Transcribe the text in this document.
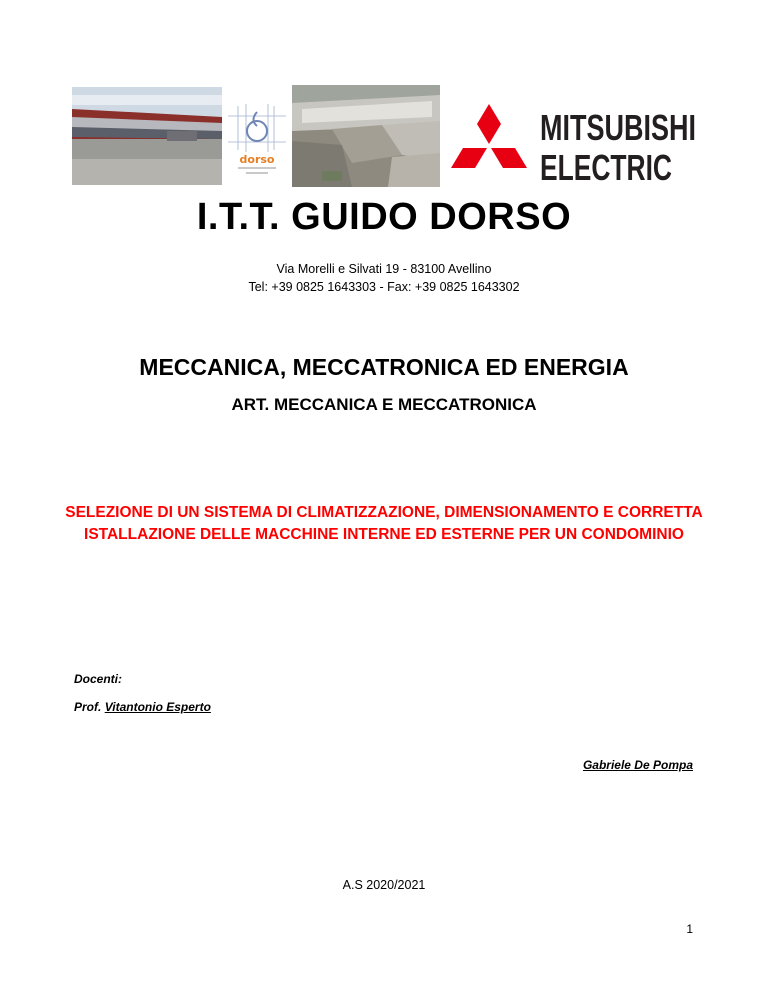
dorso
MITSUBISHI
ELECTRIC
I.T.T. GUIDO DORSO
Via Morelli e Silvati 19 - 83100 Avellino
Tel: +39 0825 1643303 - Fax: +39 0825 1643302
MECCANICA, MECCATRONICA ED ENERGIA
ART. MECCANICA E MECCATRONICA
SELEZIONE DI UN SISTEMA DI CLIMATIZZAZIONE, DIMENSIONAMENTO E CORRETTA ISTALLAZIONE DELLE MACCHINE INTERNE ED ESTERNE PER UN CONDOMINIO
Docenti:
Prof. Vitantonio Esperto
Gabriele De Pompa
A.S 2020/2021
1
